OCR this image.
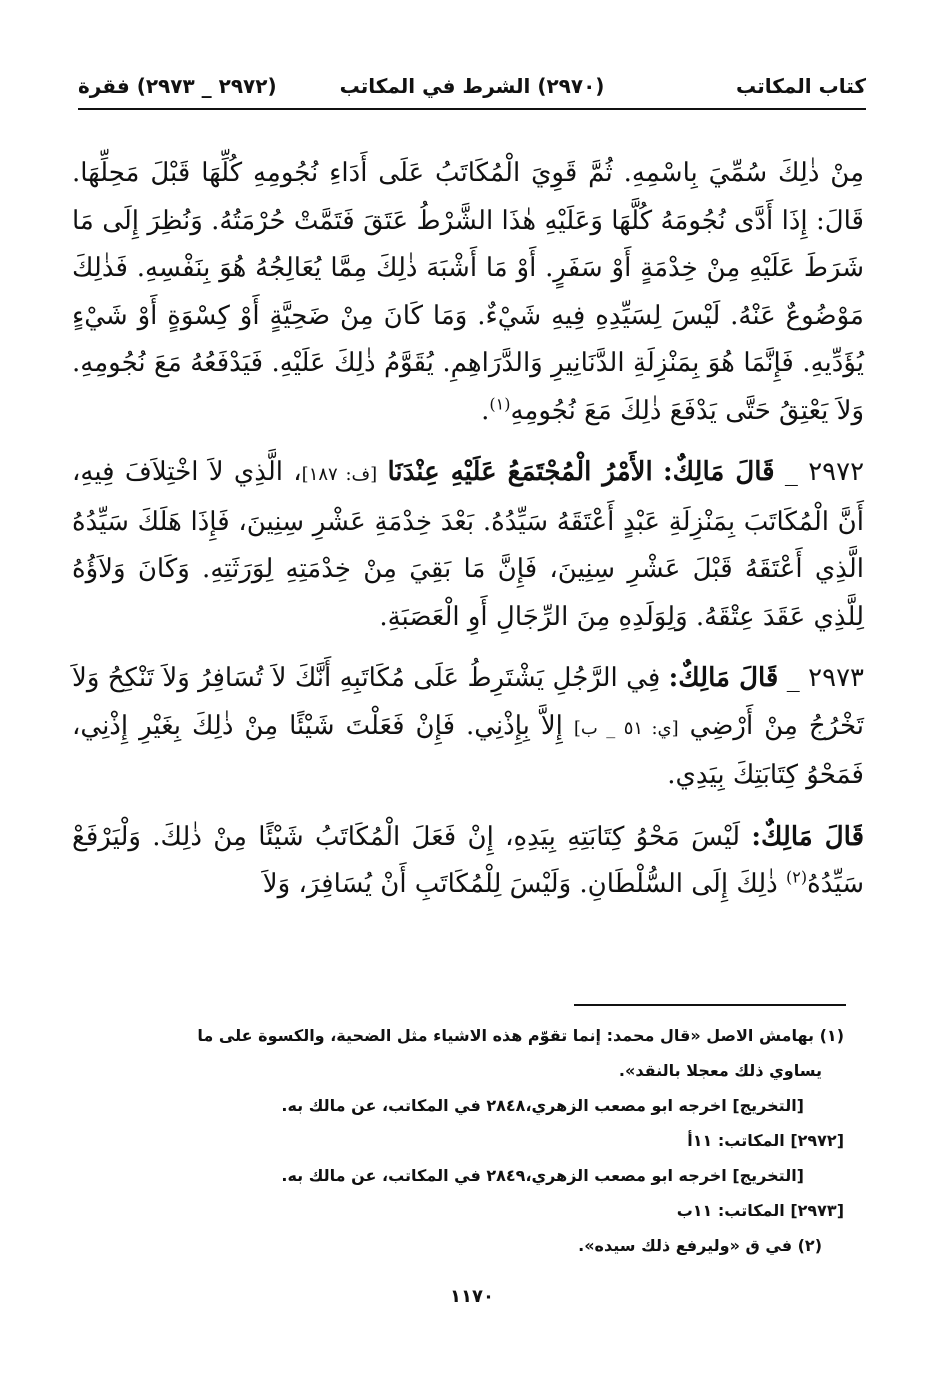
كتاب المكاتب
(٢٩٧٠) الشرط في المكاتب
(٢٩٧٢ _ ٢٩٧٣) فقرة

مِنْ ذٰلِكَ سُمِّيَ بِاسْمِهِ. ثُمَّ قَوِيَ الْمُكَاتَبُ عَلَى أَدَاءِ نُجُومِهِ كُلِّهَا قَبْلَ مَحِلِّهَا. قَالَ: إِذَا أَدَّى نُجُومَهُ كُلَّهَا وَعَلَيْهِ هٰذَا الشَّرْطُ عَتَقَ فَتَمَّتْ حُرْمَتُهُ. وَنُظِرَ إِلَى مَا شَرَطَ عَلَيْهِ مِنْ خِدْمَةٍ أَوْ سَفَرٍ. أَوْ مَا أَشْبَهَ ذٰلِكَ مِمَّا يُعَالِجُهُ هُوَ بِنَفْسِهِ. فَذٰلِكَ مَوْضُوعٌ عَنْهُ. لَيْسَ لِسَيِّدِهِ فِيهِ شَيْءٌ. وَمَا كَانَ مِنْ ضَحِيَّةٍ أَوْ كِسْوَةٍ أَوْ شَيْءٍ يُؤَدِّيهِ. فَإِنَّمَا هُوَ بِمَنْزِلَةِ الدَّنَانِيرِ وَالدَّرَاهِمِ. يُقَوَّمُ ذٰلِكَ عَلَيْهِ. فَيَدْفَعُهُ مَعَ نُجُومِهِ. وَلاَ يَعْتِقُ حَتَّى يَدْفَعَ ذٰلِكَ مَعَ نُجُومِهِ$^{(١)}$.

٢٩٧٢ _ قَالَ مَالِكٌ: الأَمْرُ الْمُجْتَمَعُ عَلَيْهِ عِنْدَنَا [ف: ١٨٧]، الَّذِي لاَ اخْتِلاَفَ فِيهِ، أَنَّ الْمُكَاتَبَ بِمَنْزِلَةِ عَبْدٍ أَعْتَقَهُ سَيِّدُهُ. بَعْدَ خِدْمَةِ عَشْرِ سِنِينَ، فَإِذَا هَلَكَ سَيِّدُهُ الَّذِي أَعْتَقَهُ قَبْلَ عَشْرِ سِنِينَ، فَإِنَّ مَا بَقِيَ مِنْ خِدْمَتِهِ لِوَرَثَتِهِ. وَكَانَ وَلاَؤُهُ لِلَّذِي عَقَدَ عِتْقَهُ. وَلِوَلَدِهِ مِنَ الرِّجَالِ أَوِ الْعَصَبَةِ.

٢٩٧٣ _ قَالَ مَالِكٌ: فِي الرَّجُلِ يَشْتَرِطُ عَلَى مُكَاتَبِهِ أَنَّكَ لاَ تُسَافِرُ وَلاَ تَنْكِحُ وَلاَ تَخْرُجُ مِنْ أَرْضِي [ي: ٥١ _ ب] إِلاَّ بِإِذْنِي. فَإِنْ فَعَلْتَ شَيْئًا مِنْ ذٰلِكَ بِغَيْرِ إِذْنِي، فَمَحْوُ كِتَابَتِكَ بِيَدِي.

قَالَ مَالِكٌ: لَيْسَ مَحْوُ كِتَابَتِهِ بِيَدِهِ، إِنْ فَعَلَ الْمُكَاتَبُ شَيْئًا مِنْ ذٰلِكَ. وَلْيَرْفَعْ سَيِّدُهُ$^{(٢)}$ ذٰلِكَ إِلَى السُّلْطَانِ. وَلَيْسَ لِلْمُكَاتَبِ أَنْ يُسَافِرَ، وَلاَ

(١) بهامش الاصل «قال محمد: إنما تقوّم هذه الاشياء مثل الضحية، والكسوة على ما
يساوي ذلك معجلا بالنقد».
[التخريج] اخرجه ابو مصعب الزهري،٢٨٤٨ في المكاتب، عن مالك به.
[٢٩٧٢] المكاتب: ١١أ
[التخريج] اخرجه ابو مصعب الزهري،٢٨٤٩ في المكاتب، عن مالك به.
[٢٩٧٣] المكاتب: ١١ب
(٢) في ق «وليرفع ذلك سيده».
١١٧٠
